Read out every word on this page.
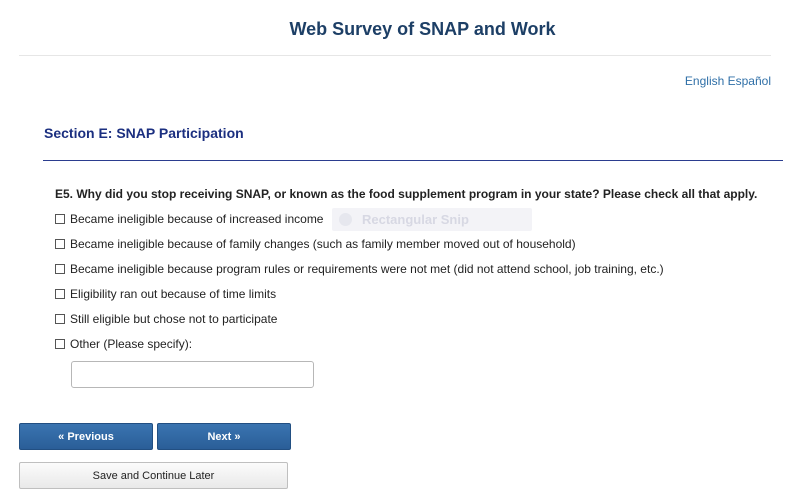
Web Survey of SNAP and Work
English Español
Section E: SNAP Participation
E5. Why did you stop receiving SNAP, or known as the food supplement program in your state? Please check all that apply.
Became ineligible because of increased income
Became ineligible because of family changes (such as family member moved out of household)
Became ineligible because program rules or requirements were not met (did not attend school, job training, etc.)
Eligibility ran out because of time limits
Still eligible but chose not to participate
Other (Please specify):
Rectangular Snip
« Previous	Next »
Save and Continue Later
